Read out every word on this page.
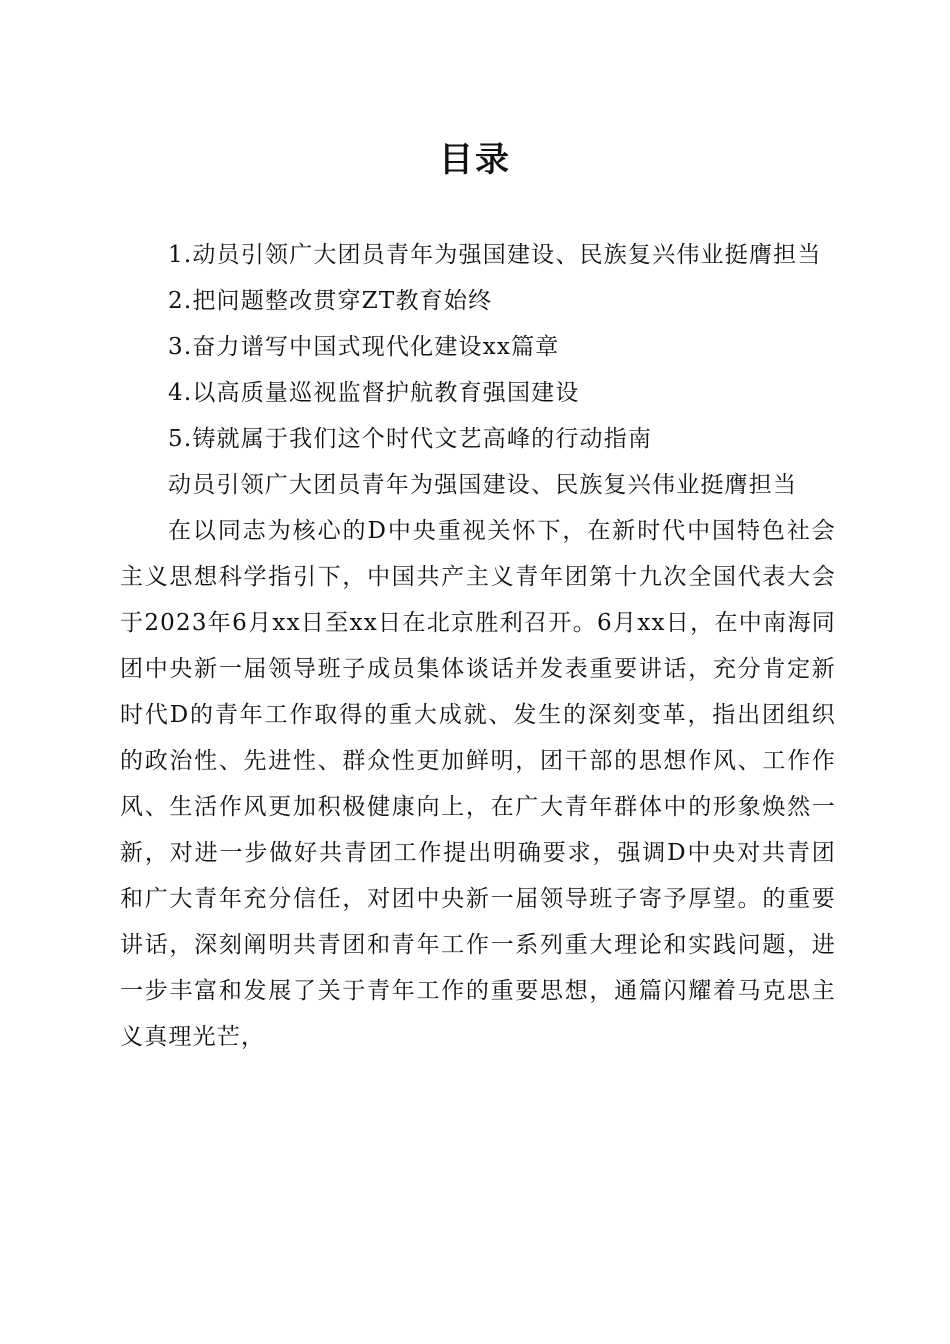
目录

1.动员引领广大团员青年为强国建设、民族复兴伟业挺膺担当

2.把问题整改贯穿ZT教育始终

3.奋力谱写中国式现代化建设xx篇章

4.以高质量巡视监督护航教育强国建设

5.铸就属于我们这个时代文艺高峰的行动指南

动员引领广大团员青年为强国建设、民族复兴伟业挺膺担当

在以同志为核心的D中央重视关怀下，在新时代中国特色社会主义思想科学指引下，中国共产主义青年团第十九次全国代表大会于2023年6月xx日至xx日在北京胜利召开。6月xx日，在中南海同团中央新一届领导班子成员集体谈话并发表重要讲话，充分肯定新时代D的青年工作取得的重大成就、发生的深刻变革，指出团组织的政治性、先进性、群众性更加鲜明，团干部的思想作风、工作作风、生活作风更加积极健康向上，在广大青年群体中的形象焕然一新，对进一步做好共青团工作提出明确要求，强调D中央对共青团和广大青年充分信任，对团中央新一届领导班子寄予厚望。的重要讲话，深刻阐明共青团和青年工作一系列重大理论和实践问题，进一步丰富和发展了关于青年工作的重要思想，通篇闪耀着马克思主义真理光芒，
